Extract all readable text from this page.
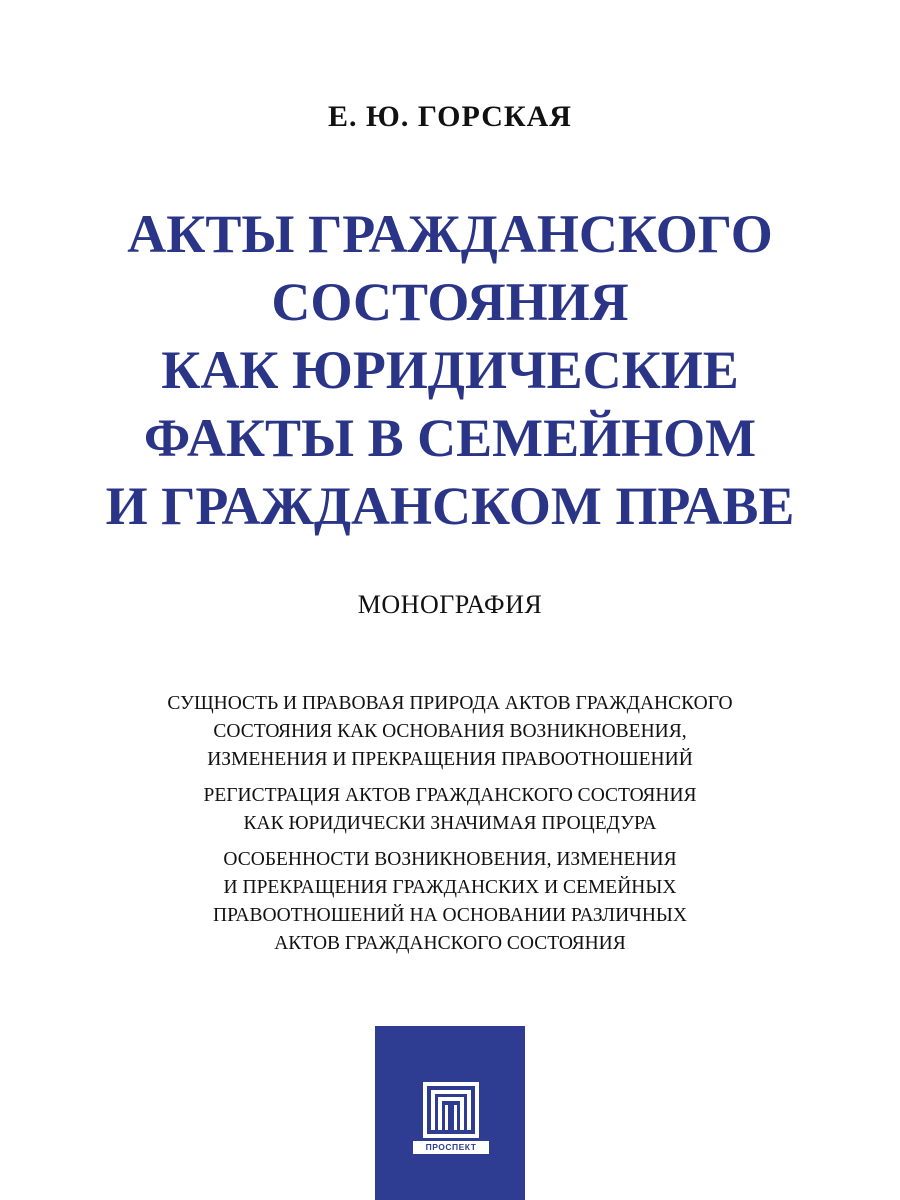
Е. Ю. ГОРСКАЯ
АКТЫ ГРАЖДАНСКОГО
СОСТОЯНИЯ
КАК ЮРИДИЧЕСКИЕ
ФАКТЫ В СЕМЕЙНОМ
И ГРАЖДАНСКОМ ПРАВЕ
МОНОГРАФИЯ
СУЩНОСТЬ И ПРАВОВАЯ ПРИРОДА АКТОВ ГРАЖДАНСКОГО
СОСТОЯНИЯ КАК ОСНОВАНИЯ ВОЗНИКНОВЕНИЯ,
ИЗМЕНЕНИЯ И ПРЕКРАЩЕНИЯ ПРАВООТНОШЕНИЙ
РЕГИСТРАЦИЯ АКТОВ ГРАЖДАНСКОГО СОСТОЯНИЯ
КАК ЮРИДИЧЕСКИ ЗНАЧИМАЯ ПРОЦЕДУРА
ОСОБЕННОСТИ ВОЗНИКНОВЕНИЯ, ИЗМЕНЕНИЯ
И ПРЕКРАЩЕНИЯ ГРАЖДАНСКИХ И СЕМЕЙНЫХ
ПРАВООТНОШЕНИЙ НА ОСНОВАНИИ РАЗЛИЧНЫХ
АКТОВ ГРАЖДАНСКОГО СОСТОЯНИЯ
ПРОСПЕКТ
